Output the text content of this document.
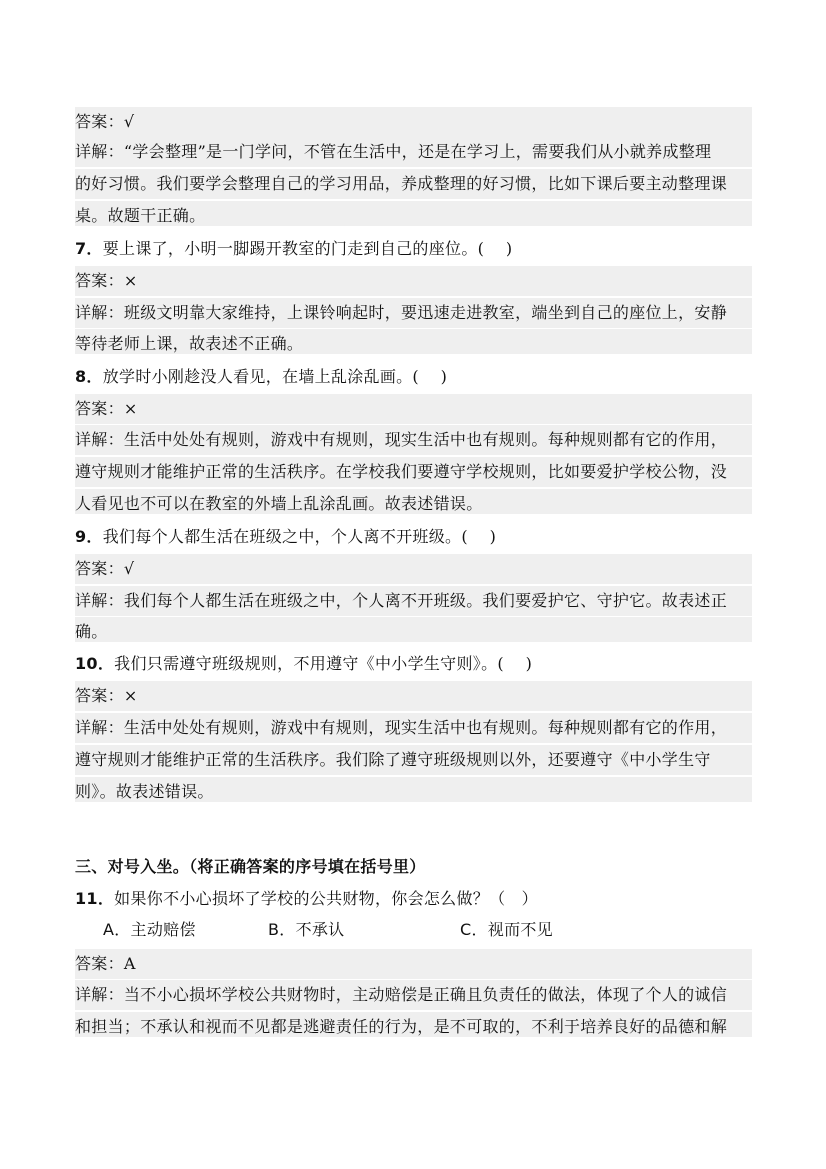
答案：√
详解：“学会整理”是一门学问，不管在生活中，还是在学习上，需要我们从小就养成整理
的好习惯。我们要学会整理自己的学习用品，养成整理的好习惯，比如下课后要主动整理课
桌。故题干正确。
7．要上课了，小明一脚踢开教室的门走到自己的座位。(　 )
答案：×
详解：班级文明靠大家维持，上课铃响起时，要迅速走进教室，端坐到自己的座位上，安静
等待老师上课，故表述不正确。
8．放学时小刚趁没人看见，在墙上乱涂乱画。(　 )
答案：×
详解：生活中处处有规则，游戏中有规则，现实生活中也有规则。每种规则都有它的作用，
遵守规则才能维护正常的生活秩序。在学校我们要遵守学校规则，比如要爱护学校公物，没
人看见也不可以在教室的外墙上乱涂乱画。故表述错误。
9．我们每个人都生活在班级之中，个人离不开班级。(　 )
答案：√
详解：我们每个人都生活在班级之中，个人离不开班级。我们要爱护它、守护它。故表述正
确。
10．我们只需遵守班级规则，不用遵守《中小学生守则》。(　 )
答案：×
详解：生活中处处有规则，游戏中有规则，现实生活中也有规则。每种规则都有它的作用，
遵守规则才能维护正常的生活秩序。我们除了遵守班级规则以外，还要遵守《中小学生守
则》。故表述错误。
三、对号入坐。（将正确答案的序号填在括号里）
11．如果你不小心损坏了学校的公共财物，你会怎么做？（　）
A．主动赔偿	B．不承认	C．视而不见
答案：A
详解：当不小心损坏学校公共财物时，主动赔偿是正确且负责任的做法，体现了个人的诚信
和担当；不承认和视而不见都是逃避责任的行为，是不可取的，不利于培养良好的品德和解
